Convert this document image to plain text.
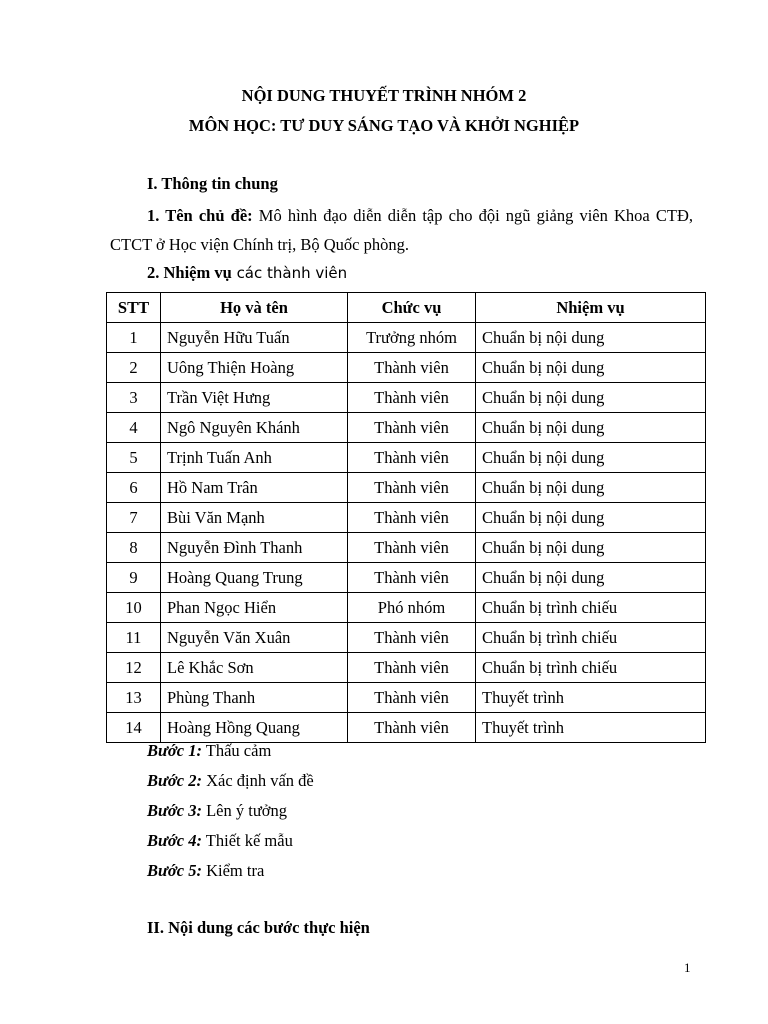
NỘI DUNG THUYẾT TRÌNH NHÓM 2
MÔN HỌC: TƯ DUY SÁNG TẠO VÀ KHỞI NGHIỆP
I. Thông tin chung
1. Tên chủ đề: Mô hình đạo diễn diễn tập cho đội ngũ giảng viên Khoa CTĐ, CTCT ở Học viện Chính trị, Bộ Quốc phòng.
2. Nhiệm vụ các thành viên
STT	Họ và tên	Chức vụ	Nhiệm vụ
1	Nguyễn Hữu Tuấn	Trưởng nhóm	Chuẩn bị nội dung
2	Uông Thiện Hoàng	Thành viên	Chuẩn bị nội dung
3	Trần Việt Hưng	Thành viên	Chuẩn bị nội dung
4	Ngô Nguyên Khánh	Thành viên	Chuẩn bị nội dung
5	Trịnh Tuấn Anh	Thành viên	Chuẩn bị nội dung
6	Hồ Nam Trân	Thành viên	Chuẩn bị nội dung
7	Bùi Văn Mạnh	Thành viên	Chuẩn bị nội dung
8	Nguyễn Đình Thanh	Thành viên	Chuẩn bị nội dung
9	Hoàng Quang Trung	Thành viên	Chuẩn bị nội dung
10	Phan Ngọc Hiển	Phó nhóm	Chuẩn bị trình chiếu
11	Nguyễn Văn Xuân	Thành viên	Chuẩn bị trình chiếu
12	Lê Khắc Sơn	Thành viên	Chuẩn bị trình chiếu
13	Phùng Thanh	Thành viên	Thuyết trình
14	Hoàng Hồng Quang	Thành viên	Thuyết trình
Bước 1: Thấu cảm
Bước 2: Xác định vấn đề
Bước 3: Lên ý tưởng
Bước 4: Thiết kế mẫu
Bước 5: Kiểm tra
II. Nội dung các bước thực hiện
1
